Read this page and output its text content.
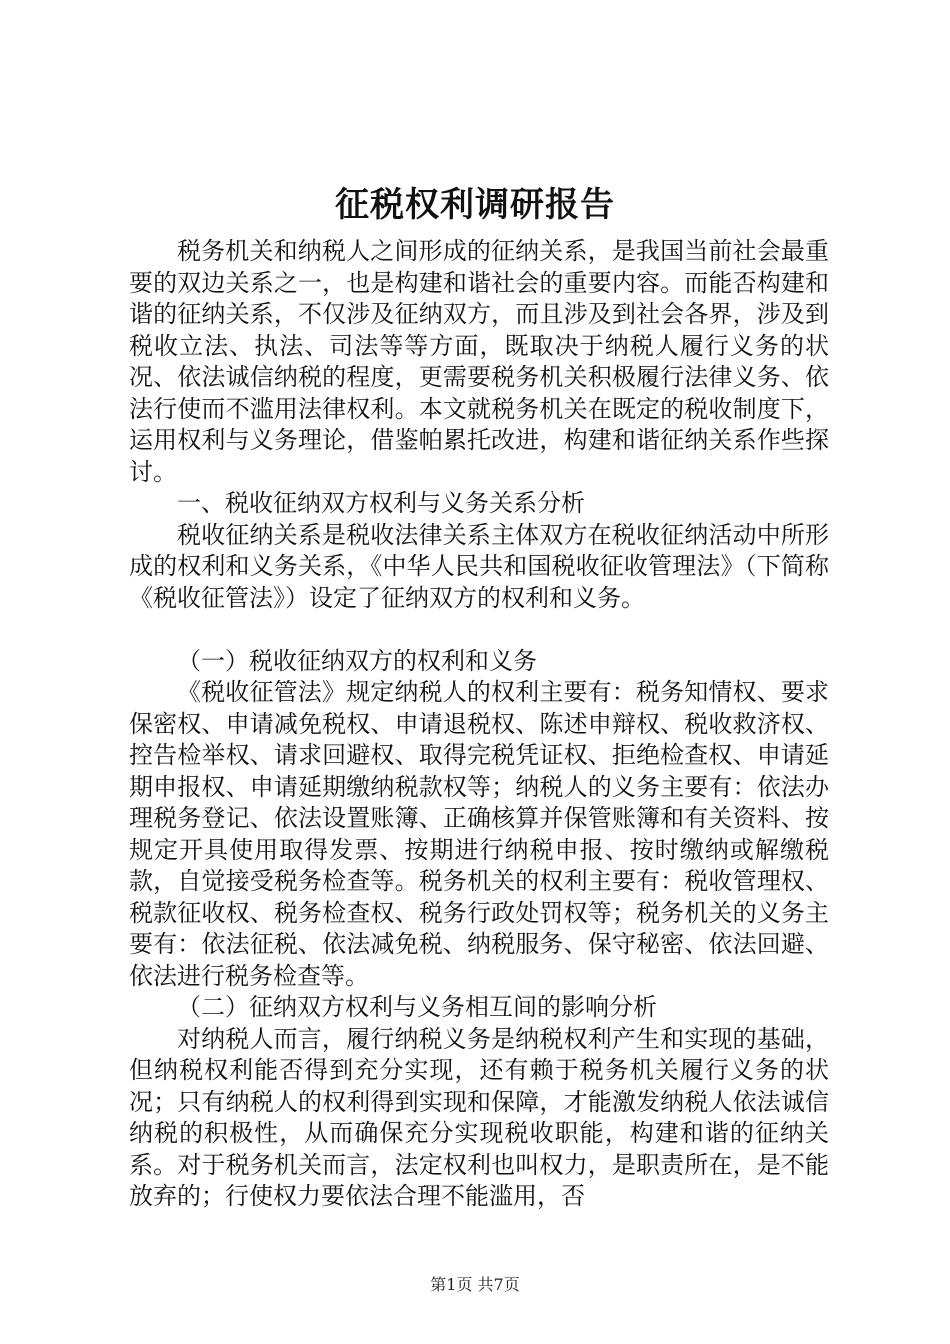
征税权利调研报告

税务机关和纳税人之间形成的征纳关系，是我国当前社会最重要的双边关系之一，也是构建和谐社会的重要内容。而能否构建和谐的征纳关系，不仅涉及征纳双方，而且涉及到社会各界，涉及到税收立法、执法、司法等等方面，既取决于纳税人履行义务的状况、依法诚信纳税的程度，更需要税务机关积极履行法律义务、依法行使而不滥用法律权利。本文就税务机关在既定的税收制度下，运用权利与义务理论，借鉴帕累托改进，构建和谐征纳关系作些探讨。

一、税收征纳双方权利与义务关系分析

税收征纳关系是税收法律关系主体双方在税收征纳活动中所形成的权利和义务关系，《中华人民共和国税收征收管理法》（下简称《税收征管法》）设定了征纳双方的权利和义务。

（一）税收征纳双方的权利和义务

《税收征管法》规定纳税人的权利主要有：税务知情权、要求保密权、申请减免税权、申请退税权、陈述申辩权、税收救济权、控告检举权、请求回避权、取得完税凭证权、拒绝检查权、申请延期申报权、申请延期缴纳税款权等；纳税人的义务主要有：依法办理税务登记、依法设置账簿、正确核算并保管账簿和有关资料、按规定开具使用取得发票、按期进行纳税申报、按时缴纳或解缴税款，自觉接受税务检查等。税务机关的权利主要有：税收管理权、税款征收权、税务检查权、税务行政处罚权等；税务机关的义务主要有：依法征税、依法减免税、纳税服务、保守秘密、依法回避、依法进行税务检查等。

（二）征纳双方权利与义务相互间的影响分析

对纳税人而言，履行纳税义务是纳税权利产生和实现的基础，但纳税权利能否得到充分实现，还有赖于税务机关履行义务的状况；只有纳税人的权利得到实现和保障，才能激发纳税人依法诚信纳税的积极性，从而确保充分实现税收职能，构建和谐的征纳关系。对于税务机关而言，法定权利也叫权力，是职责所在，是不能放弃的；行使权力要依法合理不能滥用，否

第1页 共7页
